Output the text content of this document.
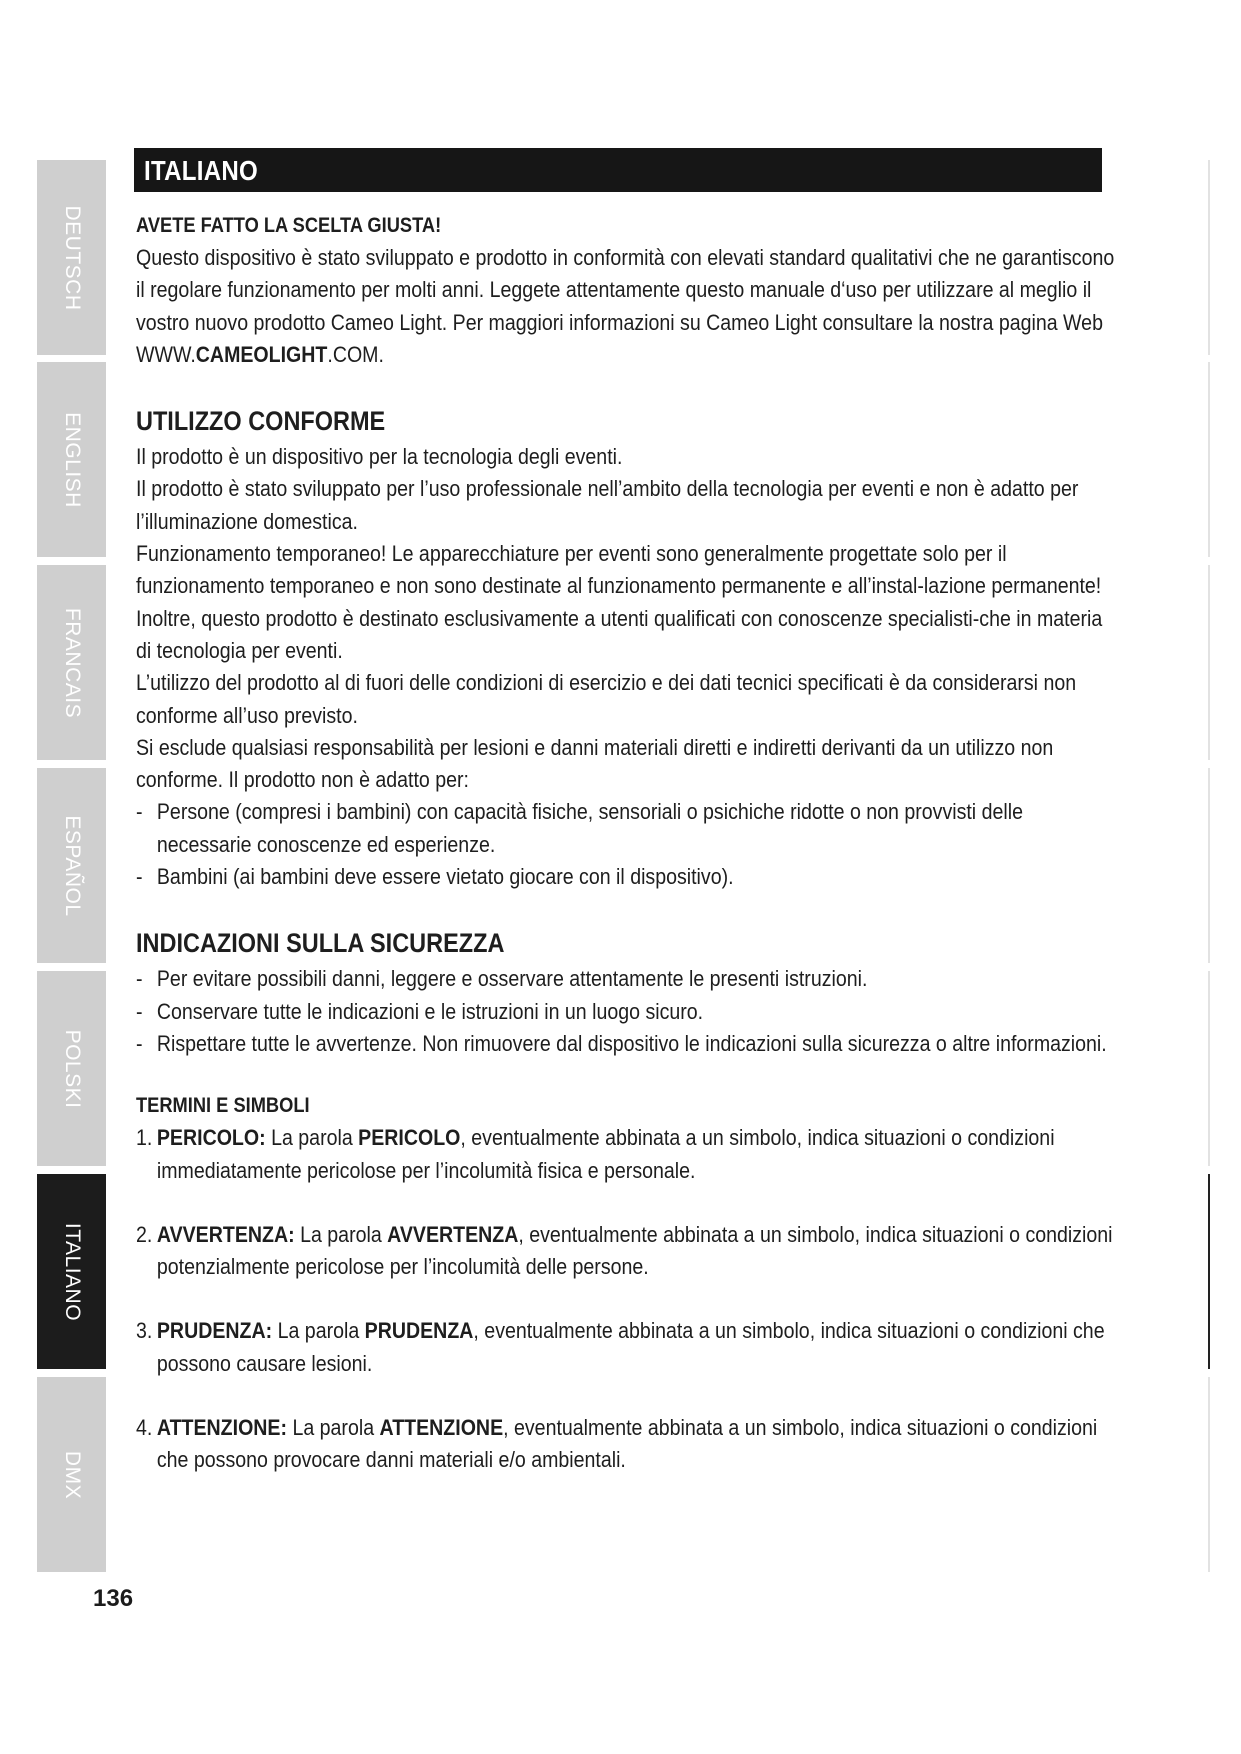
DEUTSCH
ENGLISH
FRANCAIS
ESPAÑOL
POLSKI
ITALIANO
DMX
ITALIANO
AVETE FATTO LA SCELTA GIUSTA!

Questo dispositivo è stato sviluppato e prodotto in conformità con elevati standard qualitativi che ne garantiscono il regolare funzionamento per molti anni. Leggete attentamente questo manuale d‘uso per utilizzare al meglio il vostro nuovo prodotto Cameo Light. Per maggiori informazioni su Cameo Light consultare la nostra pagina Web WWW.CAMEOLIGHT.COM.

UTILIZZO CONFORME

Il prodotto è un dispositivo per la tecnologia degli eventi.

Il prodotto è stato sviluppato per l’uso professionale nell’ambito della tecnologia per eventi e non è adatto per l’illuminazione domestica.

Funzionamento temporaneo! Le apparecchiature per eventi sono generalmente progettate solo per il funzionamento temporaneo e non sono destinate al funzionamento permanente e all’instal-lazione permanente!

Inoltre, questo prodotto è destinato esclusivamente a utenti qualificati con conoscenze specialisti-che in materia di tecnologia per eventi.

L’utilizzo del prodotto al di fuori delle condizioni di esercizio e dei dati tecnici specificati è da considerarsi non conforme all’uso previsto.

Si esclude qualsiasi responsabilità per lesioni e danni materiali diretti e indiretti derivanti da un utilizzo non conforme. Il prodotto non è adatto per:

- Persone (compresi i bambini) con capacità fisiche, sensoriali o psichiche ridotte o non provvisti delle necessarie conoscenze ed esperienze.
- Bambini (ai bambini deve essere vietato giocare con il dispositivo).
INDICAZIONI SULLA SICUREZZA
- Per evitare possibili danni, leggere e osservare attentamente le presenti istruzioni.
- Conservare tutte le indicazioni e le istruzioni in un luogo sicuro.
- Rispettare tutte le avvertenze. Non rimuovere dal dispositivo le indicazioni sulla sicurezza o altre informazioni.
TERMINI E SIMBOLI
1. PERICOLO: La parola PERICOLO, eventualmente abbinata a un simbolo, indica situazioni o condizioni immediatamente pericolose per l’incolumità fisica e personale.
2. AVVERTENZA: La parola AVVERTENZA, eventualmente abbinata a un simbolo, indica situazioni o condizioni potenzialmente pericolose per l’incolumità delle persone.
3. PRUDENZA: La parola PRUDENZA, eventualmente abbinata a un simbolo, indica situazioni o condizioni che possono causare lesioni.
4. ATTENZIONE: La parola ATTENZIONE, eventualmente abbinata a un simbolo, indica situazioni o condizioni che possono provocare danni materiali e/o ambientali.
136
